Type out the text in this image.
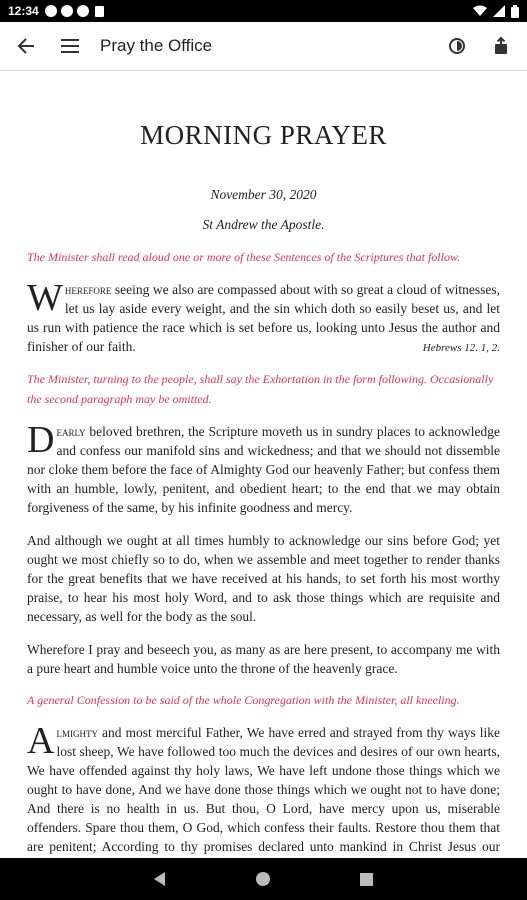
12:34
Pray the Office
MORNING PRAYER
November 30, 2020
St Andrew the Apostle.
The Minister shall read aloud one or more of these Sentences of the Scriptures that follow.
Wherefore seeing we also are compassed about with so great a cloud of witnesses, let us lay aside every weight, and the sin which doth so easily beset us, and let us run with patience the race which is set before us, looking unto Jesus the author and finisher of our faith.	Hebrews 12. 1, 2.
The Minister, turning to the people, shall say the Exhortation in the form following. Occasionally the second paragraph may be omitted.
Dearly beloved brethren, the Scripture moveth us in sundry places to acknowledge and confess our manifold sins and wickedness; and that we should not dissemble nor cloke them before the face of Almighty God our heavenly Father; but confess them with an humble, lowly, penitent, and obedient heart; to the end that we may obtain forgiveness of the same, by his infinite goodness and mercy.
And although we ought at all times humbly to acknowledge our sins before God; yet ought we most chiefly so to do, when we assemble and meet together to render thanks for the great benefits that we have received at his hands, to set forth his most worthy praise, to hear his most holy Word, and to ask those things which are requisite and necessary, as well for the body as the soul.
Wherefore I pray and beseech you, as many as are here present, to accompany me with a pure heart and humble voice unto the throne of the heavenly grace.
A general Confession to be said of the whole Congregation with the Minister, all kneeling.
Almighty and most merciful Father, We have erred and strayed from thy ways like lost sheep, We have followed too much the devices and desires of our own hearts, We have offended against thy holy laws, We have left undone those things which we ought to have done, And we have done those things which we ought not to have done; And there is no health in us. But thou, O Lord, have mercy upon us, miserable offenders. Spare thou them, O God, which confess their faults. Restore thou them that are penitent; According to thy promises declared unto mankind in Christ Jesus our
